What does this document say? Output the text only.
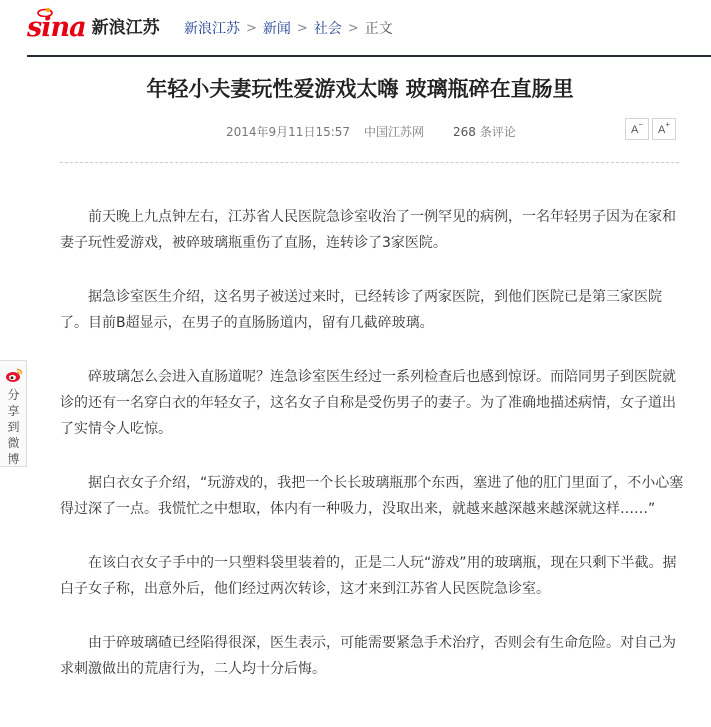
sina 新浪江苏 新浪江苏 > 新闻 > 社会 > 正文
分享到微博
年轻小夫妻玩性爱游戏太嗨 玻璃瓶碎在直肠里
2014年9月11日15:57 中国江苏网 268 条评论	A−	A+

前天晚上九点钟左右，江苏省人民医院急诊室收治了一例罕见的病例，一名年轻男子因为在家和妻子玩性爱游戏，被碎玻璃瓶重伤了直肠，连转诊了3家医院。

据急诊室医生介绍，这名男子被送过来时，已经转诊了两家医院，到他们医院已是第三家医院了。目前B超显示，在男子的直肠肠道内，留有几截碎玻璃。

碎玻璃怎么会进入直肠道呢？连急诊室医生经过一系列检查后也感到惊讶。而陪同男子到医院就诊的还有一名穿白衣的年轻女子，这名女子自称是受伤男子的妻子。为了准确地描述病情，女子道出了实情令人吃惊。

据白衣女子介绍，“玩游戏的，我把一个长长玻璃瓶那个东西，塞进了他的肛门里面了，不小心塞得过深了一点。我慌忙之中想取，体内有一种吸力，没取出来，就越来越深越来越深就这样……”

在该白衣女子手中的一只塑料袋里装着的，正是二人玩“游戏”用的玻璃瓶，现在只剩下半截。据白子女子称，出意外后，他们经过两次转诊，这才来到江苏省人民医院急诊室。

由于碎玻璃碴已经陷得很深，医生表示，可能需要紧急手术治疗，否则会有生命危险。对自己为求刺激做出的荒唐行为，二人均十分后悔。
